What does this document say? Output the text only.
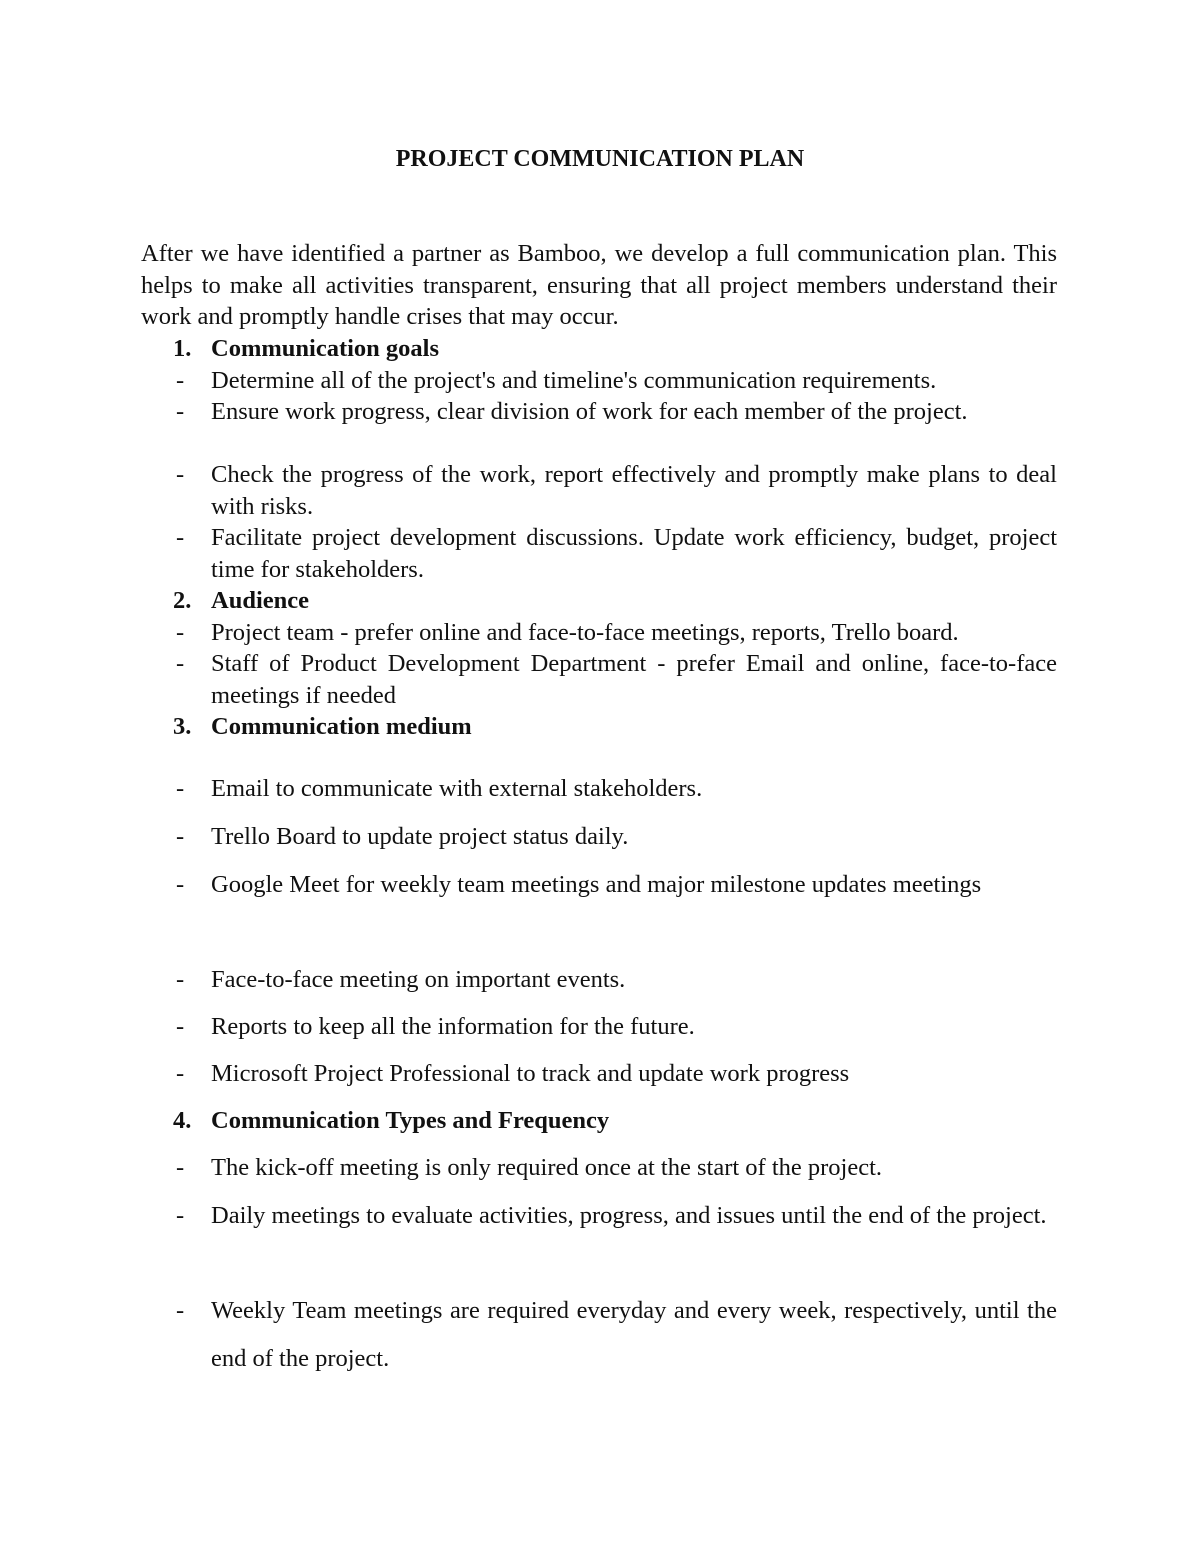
PROJECT COMMUNICATION PLAN
After we have identified a partner as Bamboo, we develop a full communication plan. This helps to make all activities transparent, ensuring that all project members understand their work and promptly handle crises that may occur.
1. Communication goals
- Determine all of the project's and timeline's communication requirements.
- Ensure work progress, clear division of work for each member of the project.
- Check the progress of the work, report effectively and promptly make plans to deal with risks.
- Facilitate project development discussions. Update work efficiency, budget, project time for stakeholders.
2. Audience
- Project team - prefer online and face-to-face meetings, reports, Trello board.
- Staff of Product Development Department - prefer Email and online, face-to-face meetings if needed
3. Communication medium
- Email to communicate with external stakeholders.
- Trello Board to update project status daily.
- Google Meet for weekly team meetings and major milestone updates meetings
- Face-to-face meeting on important events.
- Reports to keep all the information for the future.
- Microsoft Project Professional to track and update work progress
4. Communication Types and Frequency
- The kick-off meeting is only required once at the start of the project.
- Daily meetings to evaluate activities, progress, and issues until the end of the project.
- Weekly Team meetings are required everyday and every week, respectively, until the end of the project.
